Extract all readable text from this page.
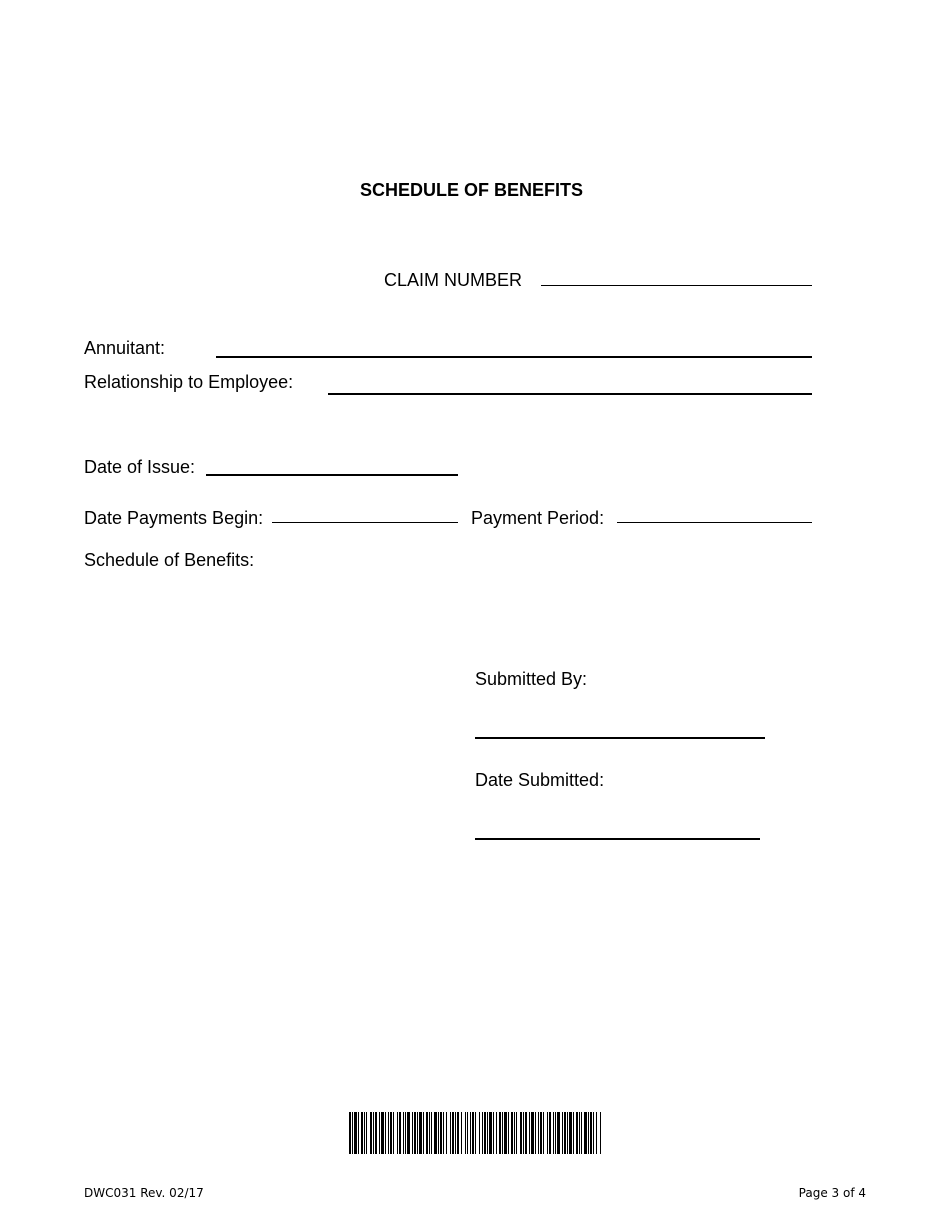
SCHEDULE OF BENEFITS
CLAIM NUMBER
Annuitant:
Relationship to Employee:
Date of Issue:
Date Payments Begin:	Payment Period:
Schedule of Benefits:
Submitted By:
Date Submitted:
DWC031 Rev. 02/17	Page 3 of 4
